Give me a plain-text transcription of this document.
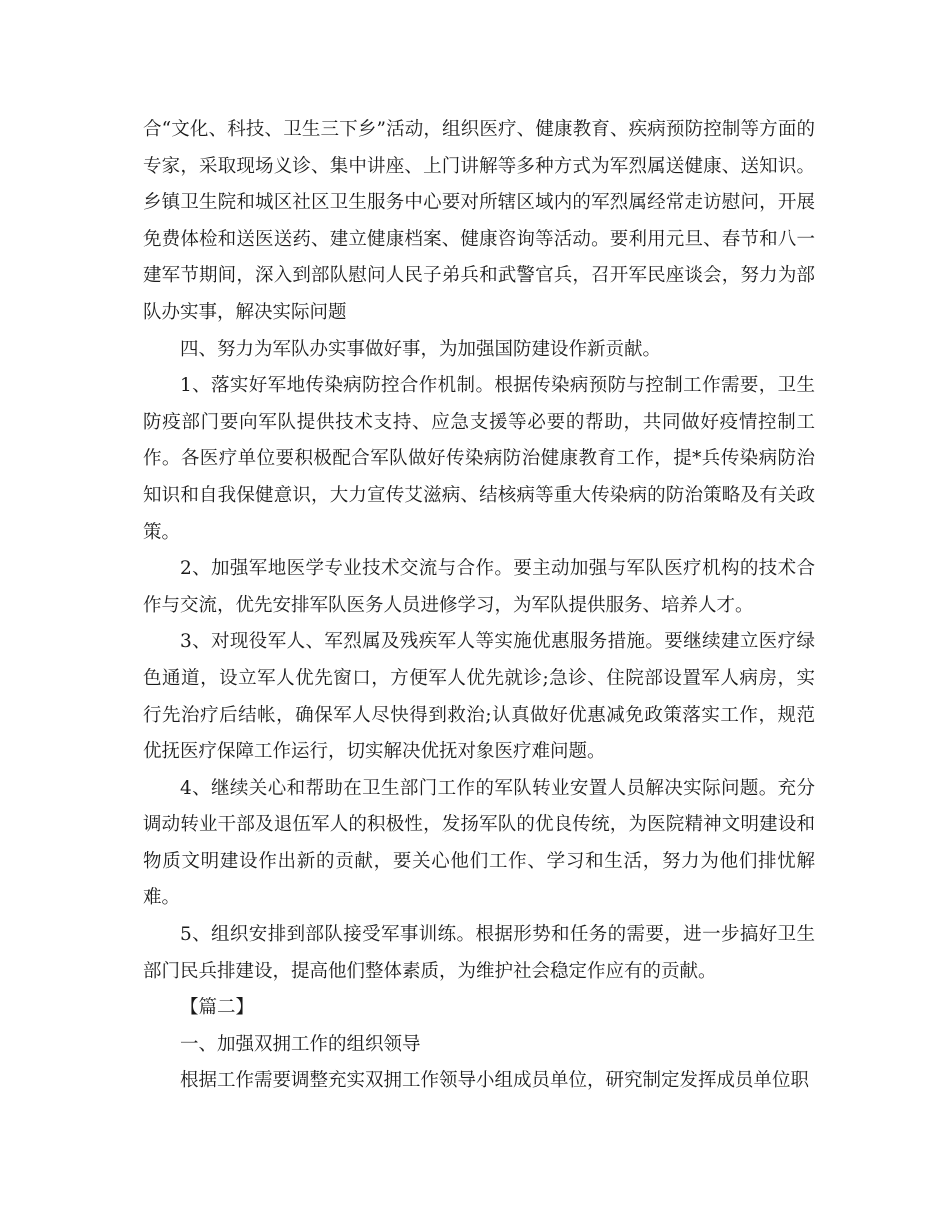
合“文化、科技、卫生三下乡”活动，组织医疗、健康教育、疾病预防控制等方面的专家，采取现场义诊、集中讲座、上门讲解等多种方式为军烈属送健康、送知识。乡镇卫生院和城区社区卫生服务中心要对所辖区域内的军烈属经常走访慰问，开展免费体检和送医送药、建立健康档案、健康咨询等活动。要利用元旦、春节和八一建军节期间，深入到部队慰问人民子弟兵和武警官兵，召开军民座谈会，努力为部队办实事，解决实际问题

四、努力为军队办实事做好事，为加强国防建设作新贡献。

1、落实好军地传染病防控合作机制。根据传染病预防与控制工作需要，卫生防疫部门要向军队提供技术支持、应急支援等必要的帮助，共同做好疫情控制工作。各医疗单位要积极配合军队做好传染病防治健康教育工作，提*兵传染病防治知识和自我保健意识，大力宣传艾滋病、结核病等重大传染病的防治策略及有关政策。

2、加强军地医学专业技术交流与合作。要主动加强与军队医疗机构的技术合作与交流，优先安排军队医务人员进修学习，为军队提供服务、培养人才。

3、对现役军人、军烈属及残疾军人等实施优惠服务措施。要继续建立医疗绿色通道，设立军人优先窗口，方便军人优先就诊;急诊、住院部设置军人病房，实行先治疗后结帐，确保军人尽快得到救治;认真做好优惠减免政策落实工作，规范优抚医疗保障工作运行，切实解决优抚对象医疗难问题。

4、继续关心和帮助在卫生部门工作的军队转业安置人员解决实际问题。充分调动转业干部及退伍军人的积极性，发扬军队的优良传统，为医院精神文明建设和物质文明建设作出新的贡献，要关心他们工作、学习和生活，努力为他们排忧解难。

5、组织安排到部队接受军事训练。根据形势和任务的需要，进一步搞好卫生部门民兵排建设，提高他们整体素质，为维护社会稳定作应有的贡献。

【篇二】

一、加强双拥工作的组织领导

根据工作需要调整充实双拥工作领导小组成员单位，研究制定发挥成员单位职
